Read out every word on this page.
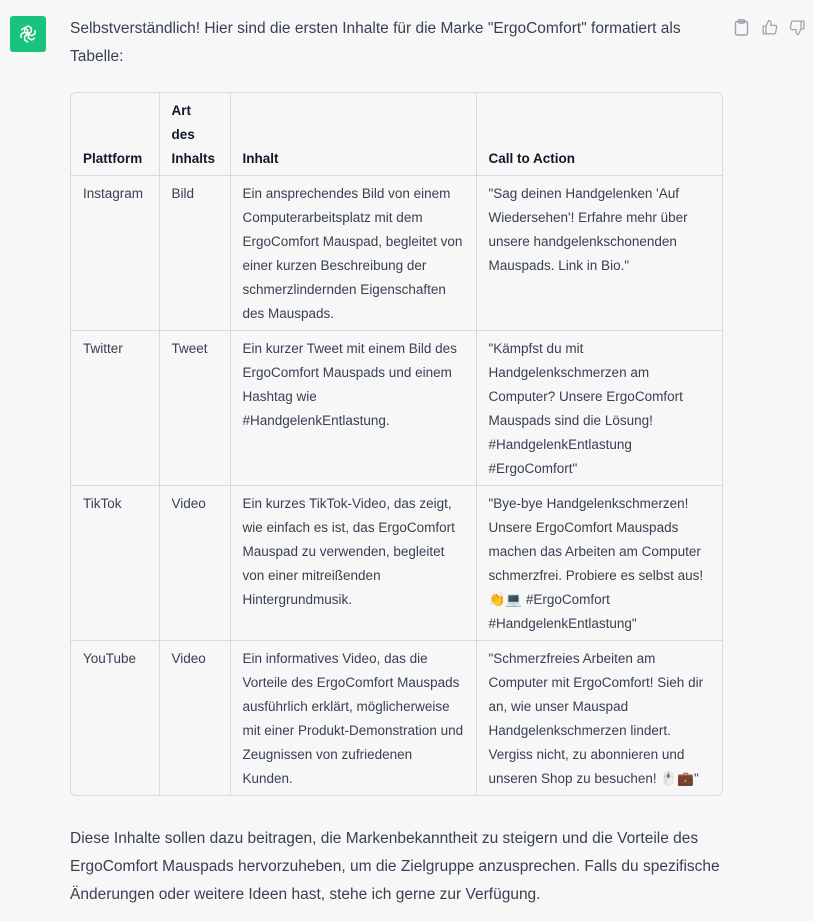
Selbstverständlich! Hier sind die ersten Inhalte für die Marke "ErgoComfort" formatiert als Tabelle:

Plattform	Art des Inhalts	Inhalt	Call to Action
Instagram	Bild	Ein ansprechendes Bild von einem Computerarbeitsplatz mit dem ErgoComfort Mauspad, begleitet von einer kurzen Beschreibung der schmerzlindernden Eigenschaften des Mauspads.	"Sag deinen Handgelenken 'Auf Wiedersehen'! Erfahre mehr über unsere handgelenkschonenden Mauspads. Link in Bio."
Twitter	Tweet	Ein kurzer Tweet mit einem Bild des ErgoComfort Mauspads und einem Hashtag wie #HandgelenkEntlastung.	"Kämpfst du mit Handgelenkschmerzen am Computer? Unsere ErgoComfort Mauspads sind die Lösung! #HandgelenkEntlastung #ErgoComfort"
TikTok	Video	Ein kurzes TikTok-Video, das zeigt, wie einfach es ist, das ErgoComfort Mauspad zu verwenden, begleitet von einer mitreißenden Hintergrundmusik.	"Bye-bye Handgelenkschmerzen! Unsere ErgoComfort Mauspads machen das Arbeiten am Computer schmerzfrei. Probiere es selbst aus! 👏💻 #ErgoComfort #HandgelenkEntlastung"
YouTube	Video	Ein informatives Video, das die Vorteile des ErgoComfort Mauspads ausführlich erklärt, möglicherweise mit einer Produkt-Demonstration und Zeugnissen von zufriedenen Kunden.	"Schmerzfreies Arbeiten am Computer mit ErgoComfort! Sieh dir an, wie unser Mauspad Handgelenkschmerzen lindert. Vergiss nicht, zu abonnieren und unseren Shop zu besuchen! 🖱️💼"

Diese Inhalte sollen dazu beitragen, die Markenbekanntheit zu steigern und die Vorteile des ErgoComfort Mauspads hervorzuheben, um die Zielgruppe anzusprechen. Falls du spezifische Änderungen oder weitere Ideen hast, stehe ich gerne zur Verfügung.
